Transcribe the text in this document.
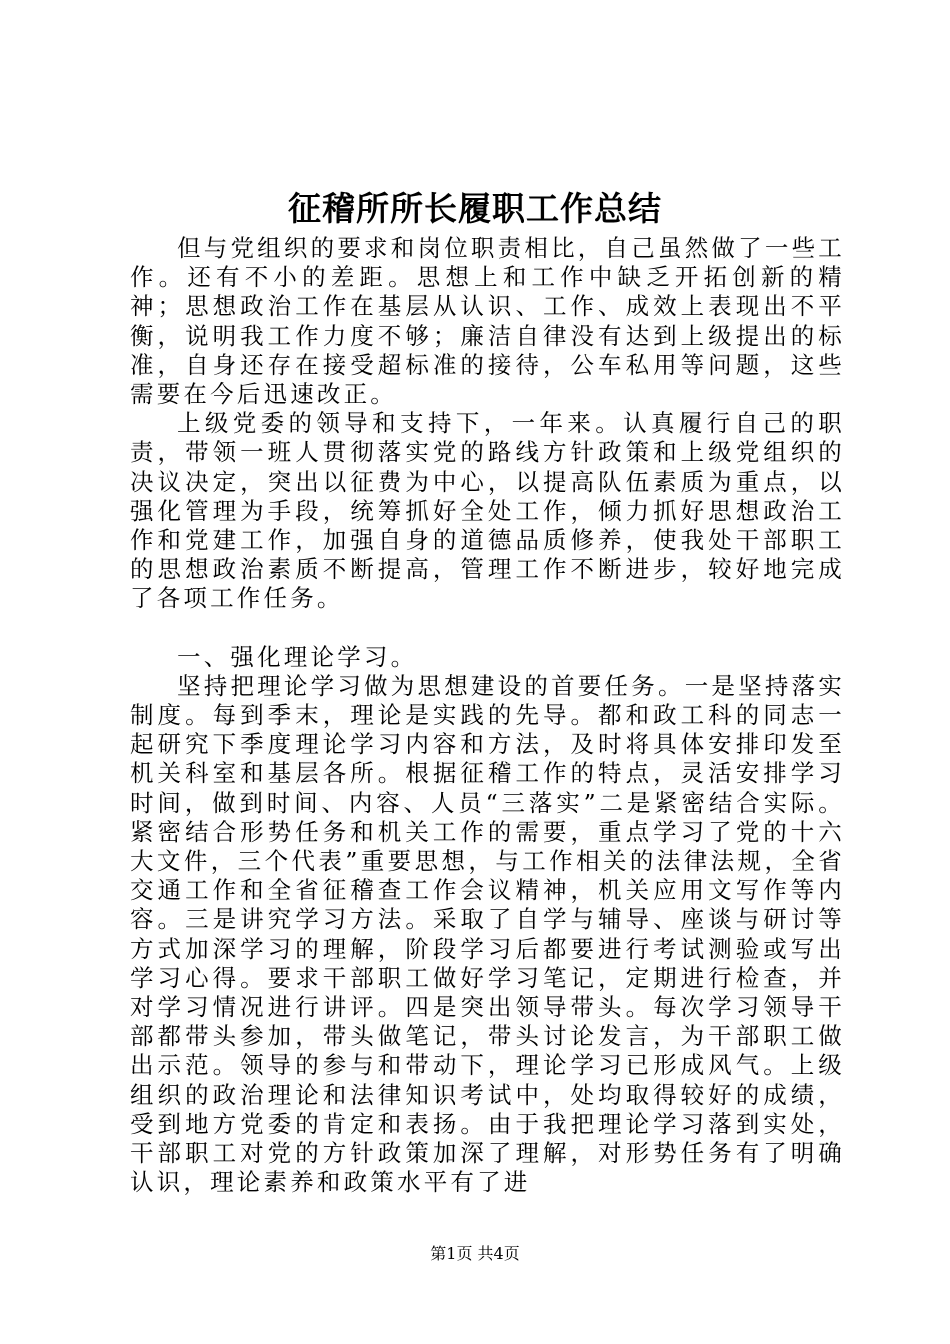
征稽所所长履职工作总结

但与党组织的要求和岗位职责相比，自己虽然做了一些工作。还有不小的差距。思想上和工作中缺乏开拓创新的精神；思想政治工作在基层从认识、工作、成效上表现出不平衡，说明我工作力度不够；廉洁自律没有达到上级提出的标准，自身还存在接受超标准的接待，公车私用等问题，这些需要在今后迅速改正。

上级党委的领导和支持下，一年来。认真履行自己的职责，带领一班人贯彻落实党的路线方针政策和上级党组织的决议决定，突出以征费为中心，以提高队伍素质为重点，以强化管理为手段，统筹抓好全处工作，倾力抓好思想政治工作和党建工作，加强自身的道德品质修养，使我处干部职工的思想政治素质不断提高，管理工作不断进步，较好地完成了各项工作任务。

一、强化理论学习。

坚持把理论学习做为思想建设的首要任务。一是坚持落实制度。每到季末，理论是实践的先导。都和政工科的同志一起研究下季度理论学习内容和方法，及时将具体安排印发至机关科室和基层各所。根据征稽工作的特点，灵活安排学习时间，做到时间、内容、人员“三落实”二是紧密结合实际。紧密结合形势任务和机关工作的需要，重点学习了党的十六大文件，三个代表”重要思想，与工作相关的法律法规，全省交通工作和全省征稽查工作会议精神，机关应用文写作等内容。三是讲究学习方法。采取了自学与辅导、座谈与研讨等方式加深学习的理解，阶段学习后都要进行考试测验或写出学习心得。要求干部职工做好学习笔记，定期进行检查，并对学习情况进行讲评。四是突出领导带头。每次学习领导干部都带头参加，带头做笔记，带头讨论发言，为干部职工做出示范。领导的参与和带动下，理论学习已形成风气。上级组织的政治理论和法律知识考试中，处均取得较好的成绩，受到地方党委的肯定和表扬。由于我把理论学习落到实处，干部职工对党的方针政策加深了理解，对形势任务有了明确认识，理论素养和政策水平有了进

第1页 共4页
